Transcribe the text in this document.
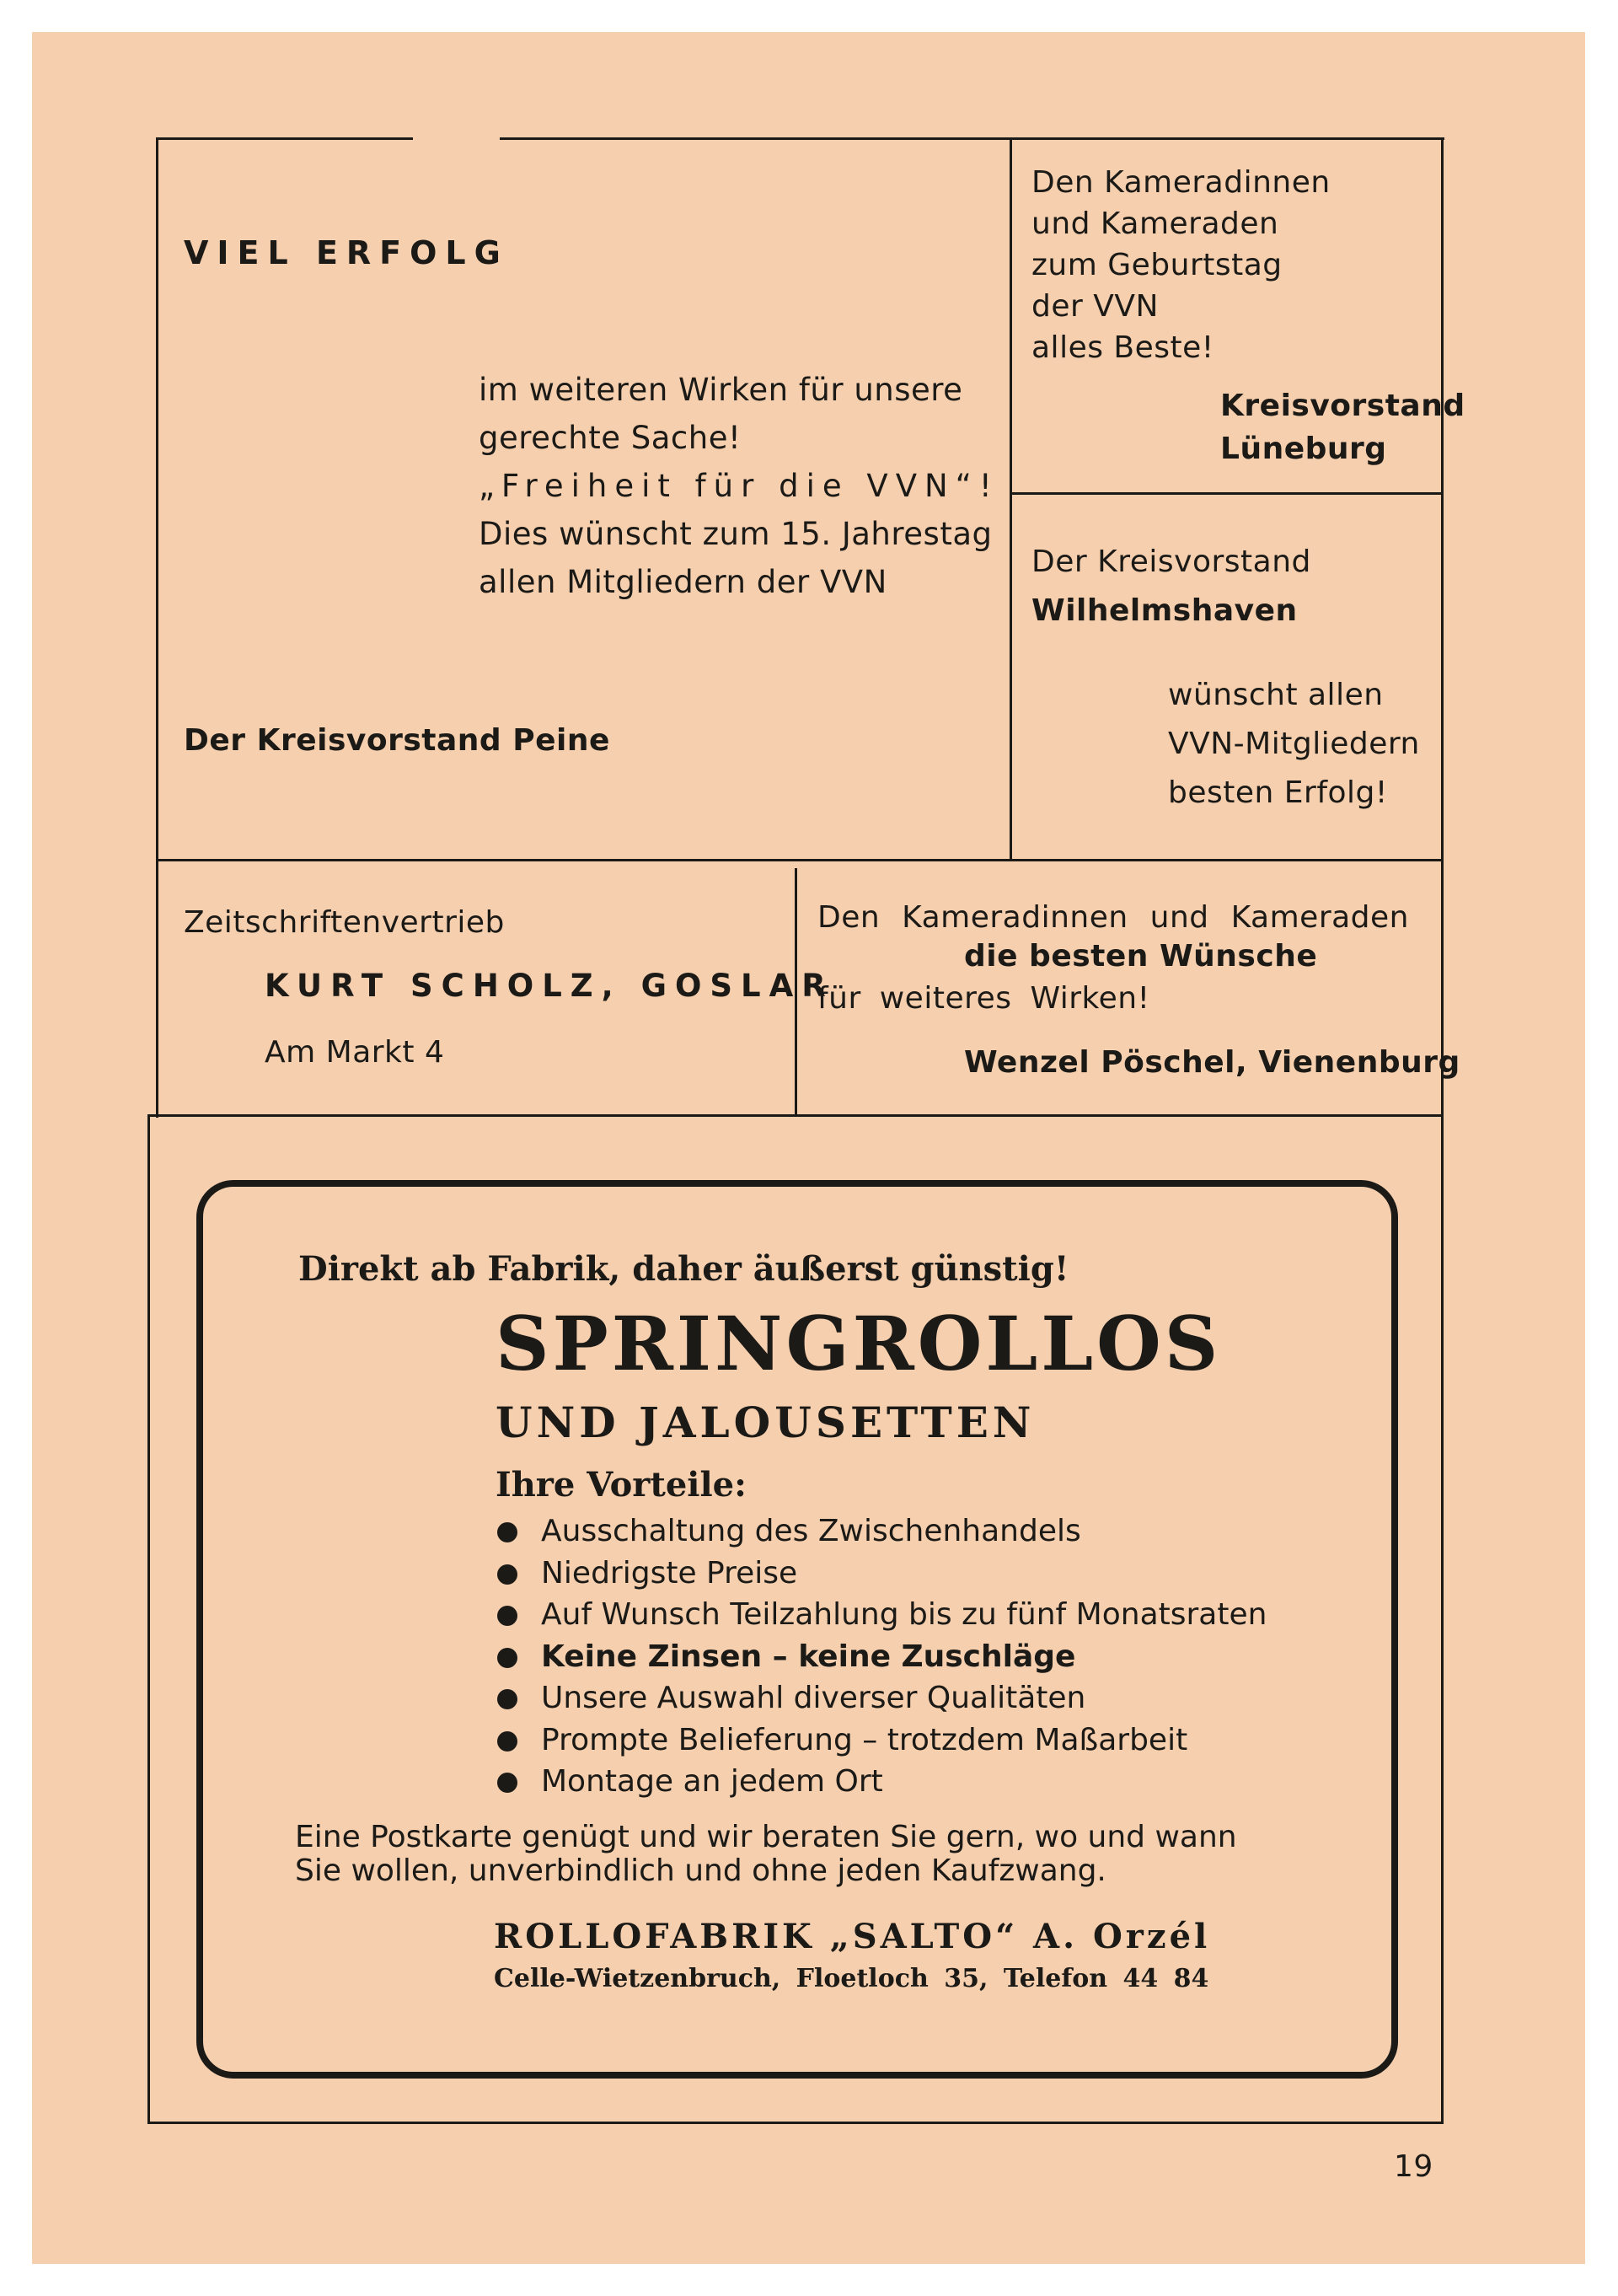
VIEL ERFOLG
im weiteren Wirken für unsere
gerechte Sache!
„Freiheit für die VVN“!
Dies wünscht zum 15. Jahrestag
allen Mitgliedern der VVN
Der Kreisvorstand Peine
Den Kameradinnen
und Kameraden
zum Geburtstag
der VVN
alles Beste!
Kreisvorstand
Lüneburg
Der Kreisvorstand
Wilhelmshaven
wünscht allen
VVN-Mitgliedern
besten Erfolg!
Zeitschriftenvertrieb
KURT SCHOLZ, GOSLAR
Am Markt 4
Den Kameradinnen und Kameraden
die besten Wünsche
für weiteres Wirken!
Wenzel Pöschel, Vienenburg
Direkt ab Fabrik, daher äußerst günstig!
SPRINGROLLOS
UND JALOUSETTEN
Ihre Vorteile:
Ausschaltung des Zwischenhandels
Niedrigste Preise
Auf Wunsch Teilzahlung bis zu fünf Monatsraten
Keine Zinsen – keine Zuschläge
Unsere Auswahl diverser Qualitäten
Prompte Belieferung – trotzdem Maßarbeit
Montage an jedem Ort
Eine Postkarte genügt und wir beraten Sie gern, wo und wann
Sie wollen, unverbindlich und ohne jeden Kaufzwang.
ROLLOFABRIK „SALTO“ A. Orzél
Celle-Wietzenbruch, Floetloch 35, Telefon 44 84
19
